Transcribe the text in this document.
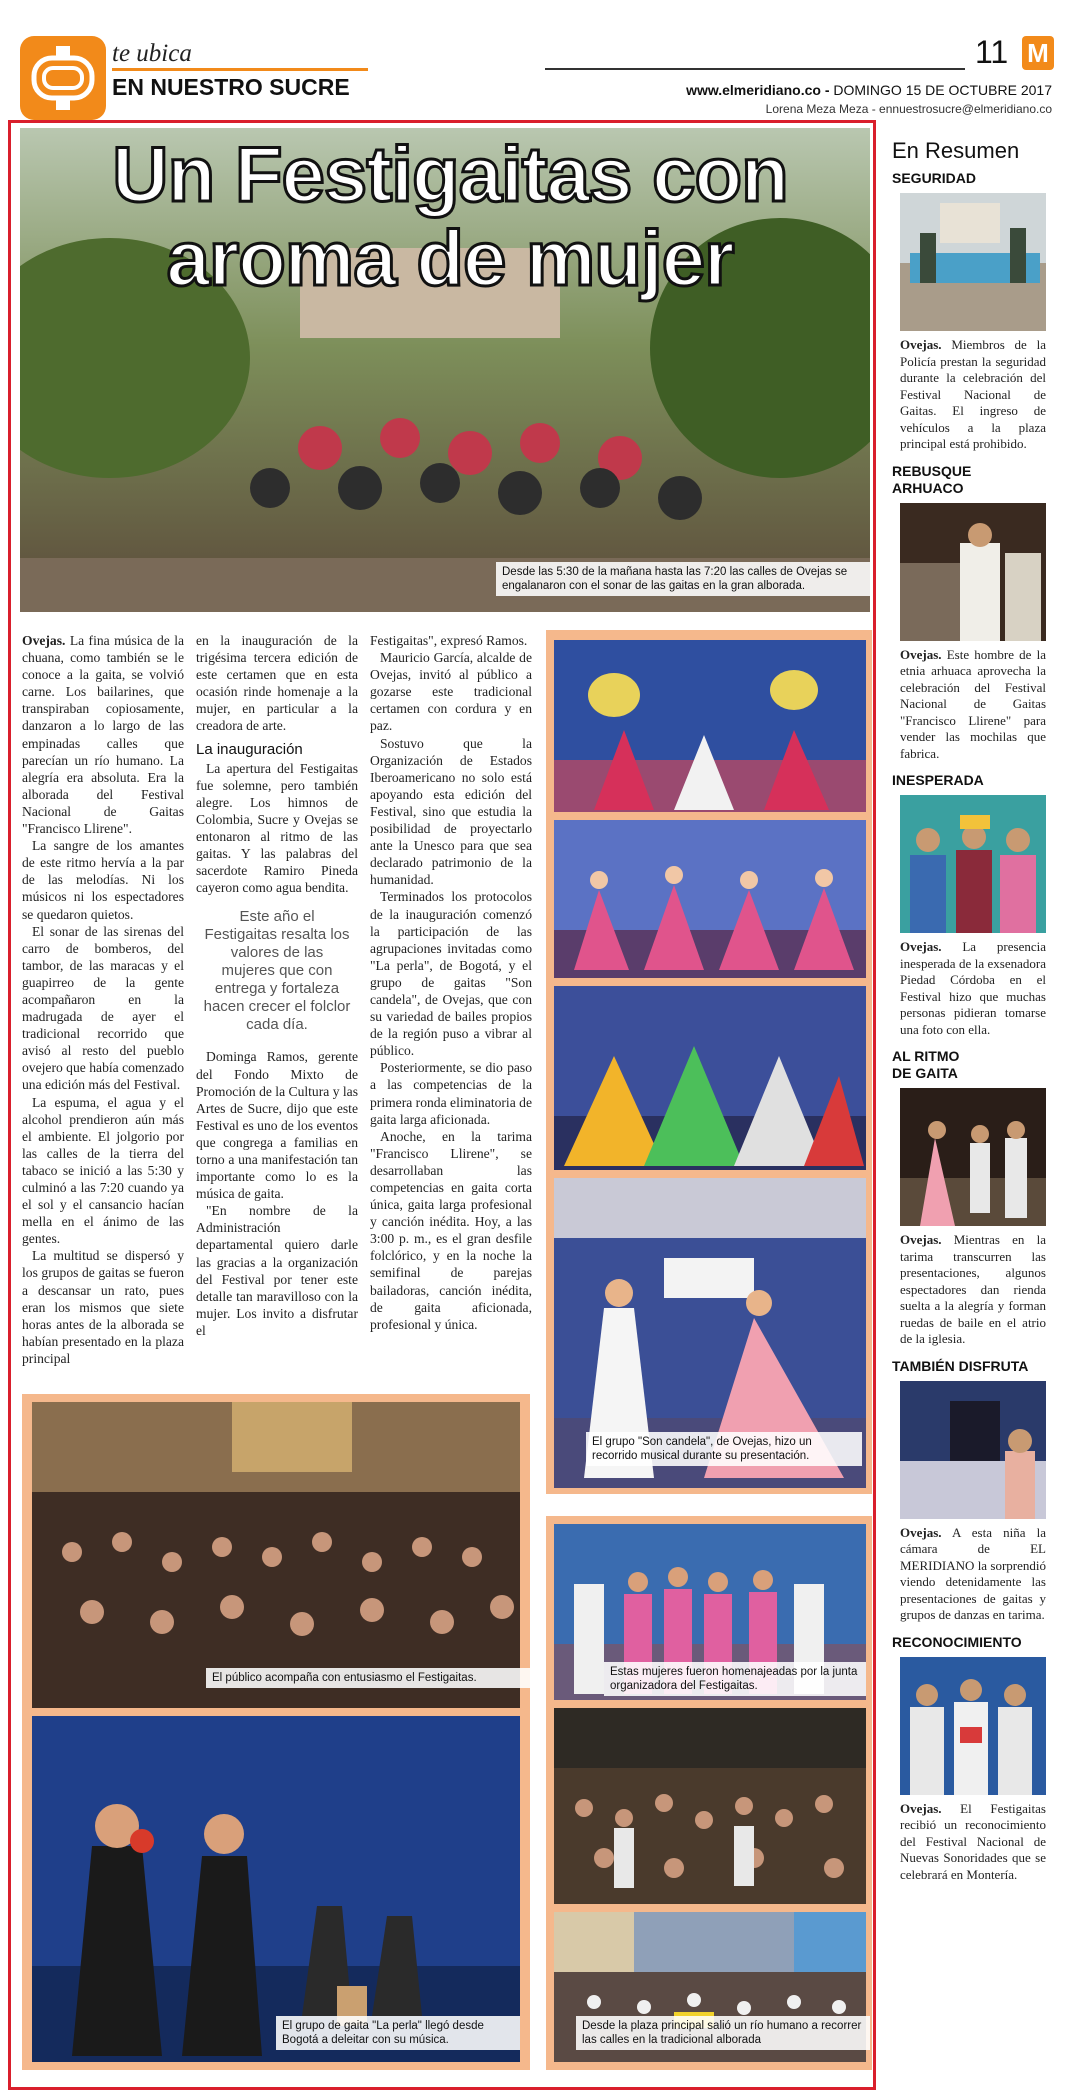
te ubica
EN NUESTRO SUCRE
11 M
www.elmeridiano.co - DOMINGO 15 DE OCTUBRE 2017
Lorena Meza Meza - ennuestrosucre@elmeridiano.co
Un Festigaitas con
aroma de mujer
Desde las 5:30 de la mañana hasta las 7:20 las calles de Ovejas se engalanaron con el sonar de las gaitas en la gran alborada.

Ovejas. La fina música de la chuana, como también se le conoce a la gaita, se volvió carne. Los bailarines, que transpiraban copiosamente, danzaron a lo largo de las empinadas calles que parecían un río humano. La alegría era absoluta. Era la alborada del Festival Nacional de Gaitas "Francisco Llirene".

La sangre de los amantes de este ritmo hervía a la par de las melodías. Ni los músicos ni los espectadores se quedaron quietos.

El sonar de las sirenas del carro de bomberos, del tambor, de las maracas y el guapirreo de la gente acompañaron en la madrugada de ayer el tradicional recorrido que avisó al resto del pueblo ovejero que había comenzado una edición más del Festival.

La espuma, el agua y el alcohol prendieron aún más el ambiente. El jolgorio por las calles de la tierra del tabaco se inició a las 5:30 y culminó a las 7:20 cuando ya el sol y el cansancio hacían mella en el ánimo de las gentes.

La multitud se dispersó y los grupos de gaitas se fueron a descansar un rato, pues eran los mismos que siete horas antes de la alborada se habían presentado en la plaza principal

en la inauguración de la trigésima tercera edición de este certamen que en esta ocasión rinde homenaje a la mujer, en particular a la creadora de arte.

La inauguración

La apertura del Festigaitas fue solemne, pero también alegre. Los himnos de Colombia, Sucre y Ovejas se entonaron al ritmo de las gaitas. Y las palabras del sacerdote Ramiro Pineda cayeron como agua bendita.

Este año el Festigaitas resalta los valores de las mujeres que con entrega y fortaleza hacen crecer el folclor cada día.

Dominga Ramos, gerente del Fondo Mixto de Promoción de la Cultura y las Artes de Sucre, dijo que este Festival es uno de los eventos que congrega a familias en torno a una manifestación tan importante como lo es la música de gaita.

"En nombre de la Administración departamental quiero darle las gracias a la organización del Festival por tener este detalle tan maravilloso con la mujer. Los invito a disfrutar el

Festigaitas", expresó Ramos.

Mauricio García, alcalde de Ovejas, invitó al público a gozarse este tradicional certamen con cordura y en paz.

Sostuvo que la Organización de Estados Iberoamericano no solo está apoyando esta edición del Festival, sino que estudia la posibilidad de proyectarlo ante la Unesco para que sea declarado patrimonio de la humanidad.

Terminados los protocolos de la inauguración comenzó la participación de las agrupaciones invitadas como "La perla", de Bogotá, y el grupo de gaitas "Son candela", de Ovejas, que con su variedad de bailes propios de la región puso a vibrar al público.

Posteriormente, se dio paso a las competencias de la primera ronda eliminatoria de gaita larga aficionada.

Anoche, en la tarima "Francisco Llirene", se desarrollaban las competencias en gaita corta única, gaita larga profesional y canción inédita. Hoy, a las 3:00 p. m., es el gran desfile folclórico, y en la noche la semifinal de parejas bailadoras, canción inédita, de gaita aficionada, profesional y única.

El grupo "Son candela", de Ovejas, hizo un recorrido musical durante su presentación.
El público acompaña con entusiasmo el Festigaitas.
El grupo de gaita "La perla" llegó desde Bogotá a deleitar con su música.
Estas mujeres fueron homenajeadas por la junta organizadora del Festigaitas.
Desde la plaza principal salió un río humano a recorrer las calles en la tradicional alborada
En Resumen
SEGURIDAD
Ovejas. Miembros de la Policía prestan la seguridad durante la celebración del Festival Nacional de Gaitas. El ingreso de vehículos a la plaza principal está prohibido.
REBUSQUE ARHUACO
Ovejas. Este hombre de la etnia arhuaca aprovecha la celebración del Festival Nacional de Gaitas "Francisco Llirene" para vender las mochilas que fabrica.
INESPERADA
Ovejas. La presencia inesperada de la exsenadora Piedad Córdoba en el Festival hizo que muchas personas pidieran tomarse una foto con ella.
AL RITMO DE GAITA
Ovejas. Mientras en la tarima transcurren las presentaciones, algunos espectadores dan rienda suelta a la alegría y forman ruedas de baile en el atrio de la iglesia.
TAMBIÉN DISFRUTA
Ovejas. A esta niña la cámara de EL MERIDIANO la sorprendió viendo detenidamente las presentaciones de gaitas y grupos de danzas en tarima.
RECONOCIMIENTO
Ovejas. El Festigaitas recibió un reconocimiento del Festival Nacional de Nuevas Sonoridades que se celebrará en Montería.
